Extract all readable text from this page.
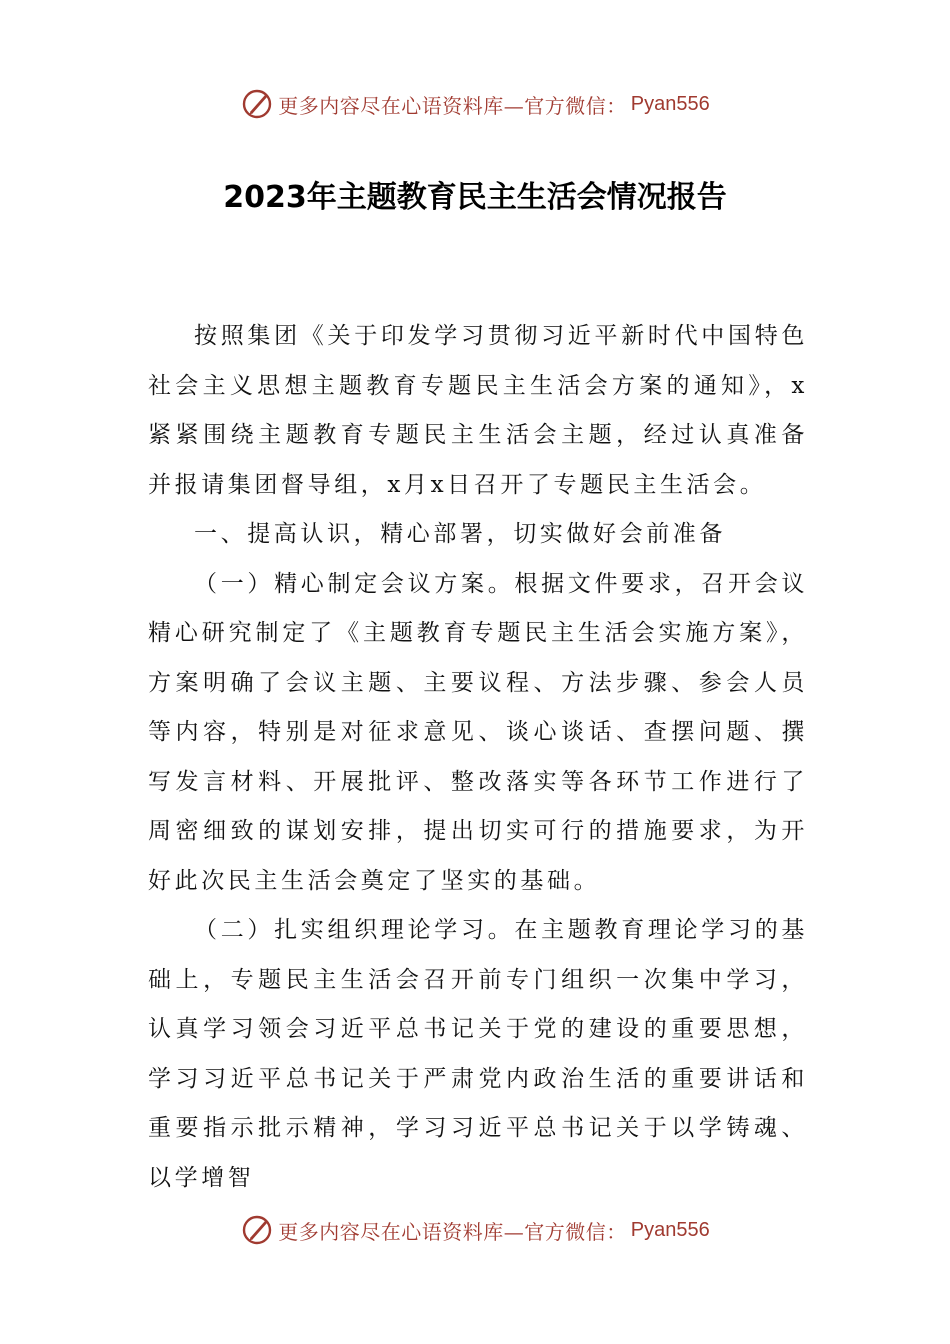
更多内容尽在心语资料库—官方微信： Pyan556
2023年主题教育民主生活会情况报告

按照集团《关于印发学习贯彻习近平新时代中国特色社会主义思想主题教育专题民主生活会方案的通知》，x紧紧围绕主题教育专题民主生活会主题，经过认真准备并报请集团督导组，x月x日召开了专题民主生活会。

一、提高认识，精心部署，切实做好会前准备

（一）精心制定会议方案。根据文件要求，召开会议精心研究制定了《主题教育专题民主生活会实施方案》，方案明确了会议主题、主要议程、方法步骤、参会人员等内容，特别是对征求意见、谈心谈话、查摆问题、撰写发言材料、开展批评、整改落实等各环节工作进行了周密细致的谋划安排，提出切实可行的措施要求，为开好此次民主生活会奠定了坚实的基础。

（二）扎实组织理论学习。在主题教育理论学习的基础上，专题民主生活会召开前专门组织一次集中学习，认真学习领会习近平总书记关于党的建设的重要思想，学习习近平总书记关于严肃党内政治生活的重要讲话和重要指示批示精神，学习习近平总书记关于以学铸魂、以学增智

更多内容尽在心语资料库—官方微信： Pyan556
